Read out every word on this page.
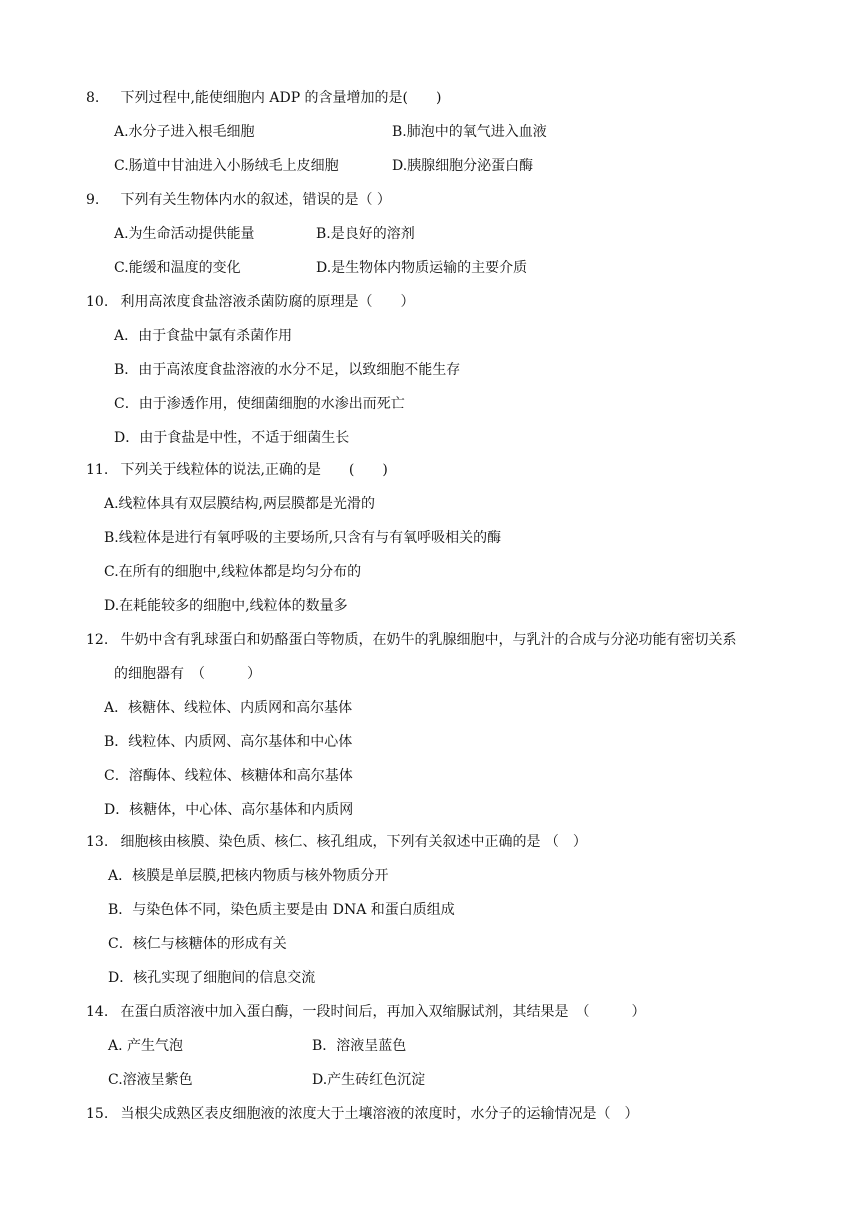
8. 下列过程中,能使细胞内 ADP 的含量增加的是(　　)
A.水分子进入根毛细胞	B.肺泡中的氧气进入血液
C.肠道中甘油进入小肠绒毛上皮细胞	D.胰腺细胞分泌蛋白酶
9. 下列有关生物体内水的叙述，错误的是（ ）
A.为生命活动提供能量	B.是良好的溶剂
C.能缓和温度的变化	D.是生物体内物质运输的主要介质
10. 利用高浓度食盐溶液杀菌防腐的原理是（　　）
A．由于食盐中氯有杀菌作用
B．由于高浓度食盐溶液的水分不足，以致细胞不能生存
C．由于渗透作用，使细菌细胞的水渗出而死亡
D．由于食盐是中性，不适于细菌生长
11. 下列关于线粒体的说法,正确的是　　(　　)
A.线粒体具有双层膜结构,两层膜都是光滑的
B.线粒体是进行有氧呼吸的主要场所,只含有与有氧呼吸相关的酶
C.在所有的细胞中,线粒体都是均匀分布的
D.在耗能较多的细胞中,线粒体的数量多
12. 牛奶中含有乳球蛋白和奶酪蛋白等物质，在奶牛的乳腺细胞中，与乳汁的合成与分泌功能有密切关系
的细胞器有　（　　　）
A．核糖体、线粒体、内质网和高尔基体
B．线粒体、内质网、高尔基体和中心体
C．溶酶体、线粒体、核糖体和高尔基体
D．核糖体，中心体、高尔基体和内质网
13. 细胞核由核膜、染色质、核仁、核孔组成，下列有关叙述中正确的是 （　）
A．核膜是单层膜,把核内物质与核外物质分开
B．与染色体不同，染色质主要是由 DNA 和蛋白质组成
C．核仁与核糖体的形成有关
D．核孔实现了细胞间的信息交流
14. 在蛋白质溶液中加入蛋白酶，一段时间后，再加入双缩脲试剂，其结果是　（　　　）
A. 产生气泡	B．溶液呈蓝色
C.溶液呈紫色	D.产生砖红色沉淀
15. 当根尖成熟区表皮细胞液的浓度大于土壤溶液的浓度时，水分子的运输情况是（　）
